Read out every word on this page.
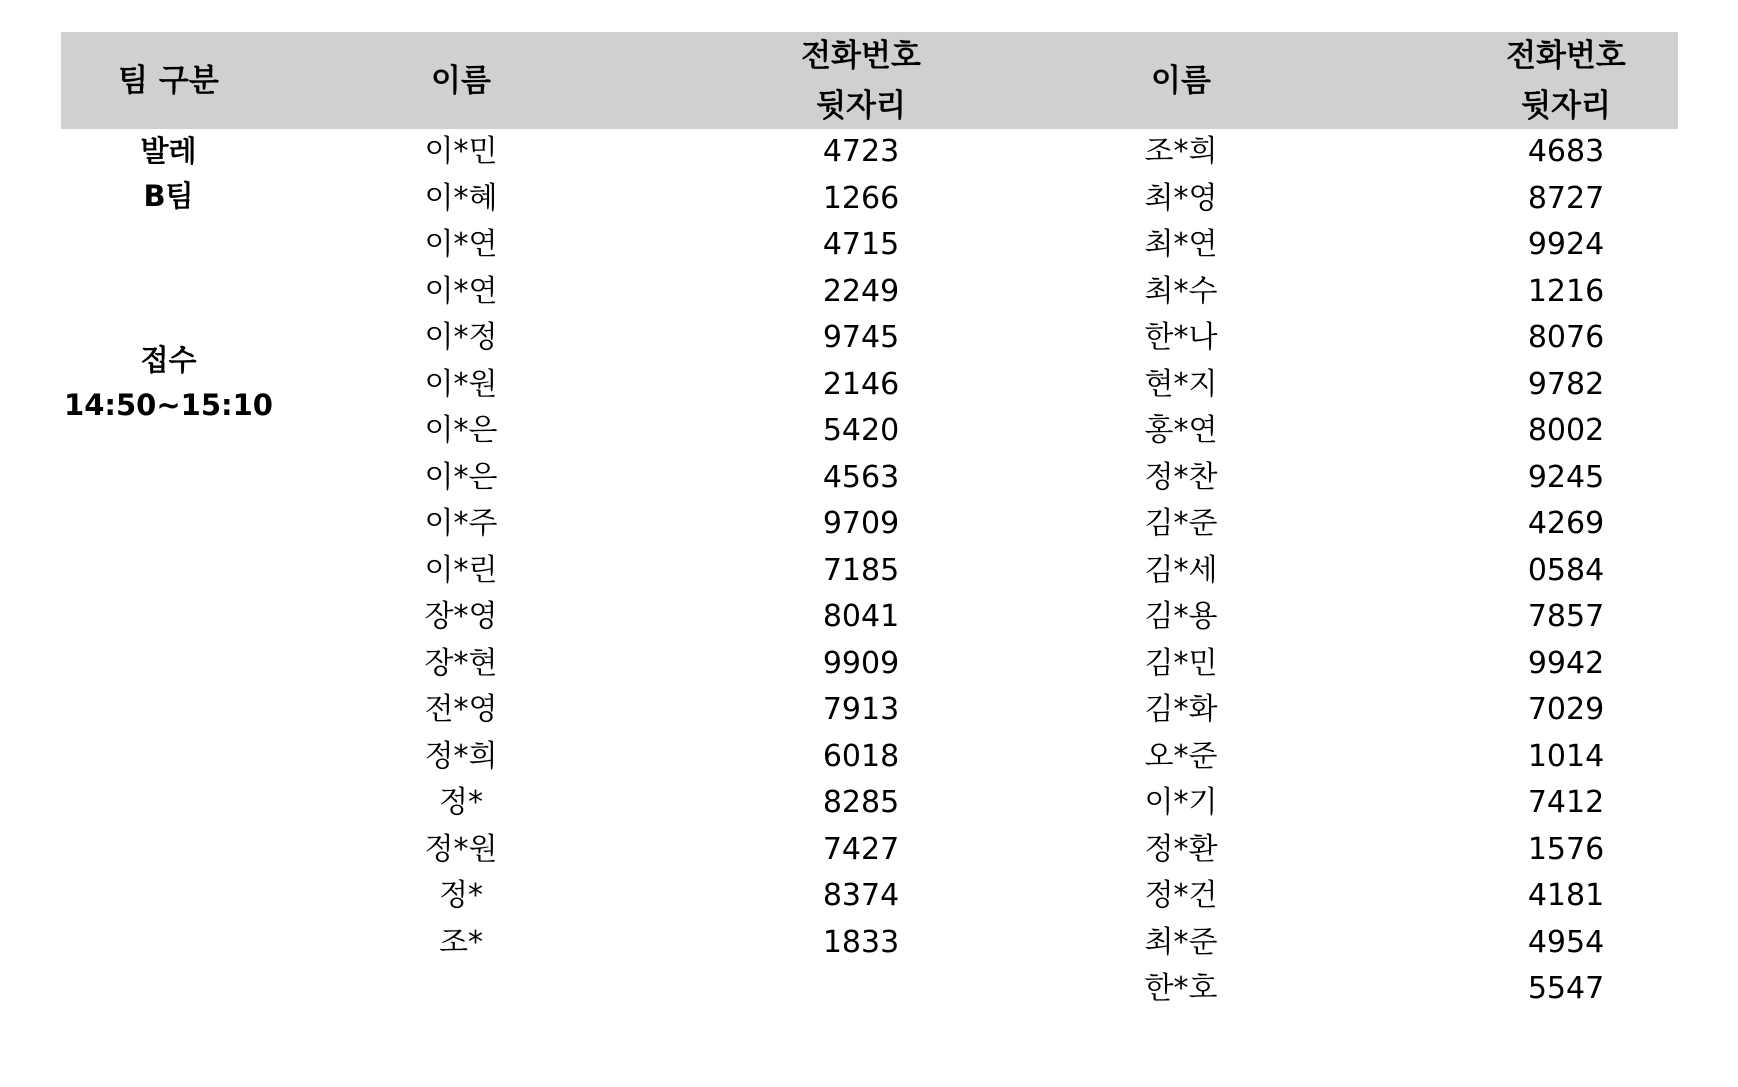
팀 구분	이름
전화번호
뒷자리
이름
전화번호
뒷자리
발레
B팀
접수
14:50~15:10
이*민
이*혜
이*연
이*연
이*정
이*원
이*은
이*은
이*주
이*린
장*영
장*현
전*영
정*희
정*
정*원
정*
조*
4723
1266
4715
2249
9745
2146
5420
4563
9709
7185
8041
9909
7913
6018
8285
7427
8374
1833
조*희
최*영
최*연
최*수
한*나
현*지
홍*연
정*찬
김*준
김*세
김*용
김*민
김*화
오*준
이*기
정*환
정*건
최*준
한*호
4683
8727
9924
1216
8076
9782
8002
9245
4269
0584
7857
9942
7029
1014
7412
1576
4181
4954
5547
